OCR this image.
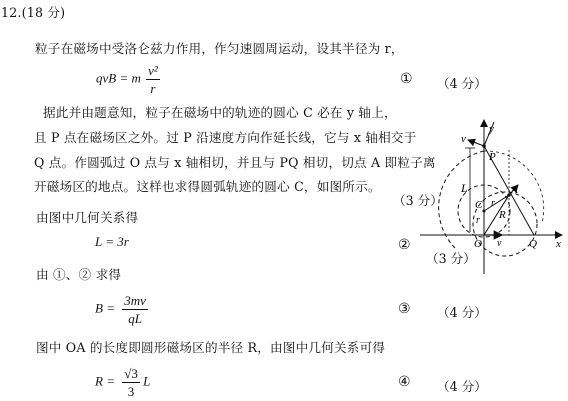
12.(18 分)
粒子在磁场中受洛仑兹力作用，作匀速圆周运动，设其半径为 r，
qvB = m $\frac{\text{v²}}{r}$	① （4 分）
据此并由题意知，粒子在磁场中的轨迹的圆心 C 必在 y 轴上，
且 P 点在磁场区之外。过 P 沿速度方向作延长线，它与 x 轴相交于
Q 点。作圆弧过 O 点与 x 轴相切，并且与 PQ 相切，切点 A 即粒子离
开磁场区的地点。这样也求得圆弧轨迹的圆心 C，如图所示。
（3 分）
由图中几何关系得
L = 3r	②
（3 分）
由 ①、② 求得
$B = \frac{3mv}{qL}$	③ （4 分）
图中 OA 的长度即圆形磁场区的半径 R，由图中几何关系可得
$R = \frac{√3}{3}$ L	④ （4 分）
y
v
P
L
C r
r R
A
O v	Q x
